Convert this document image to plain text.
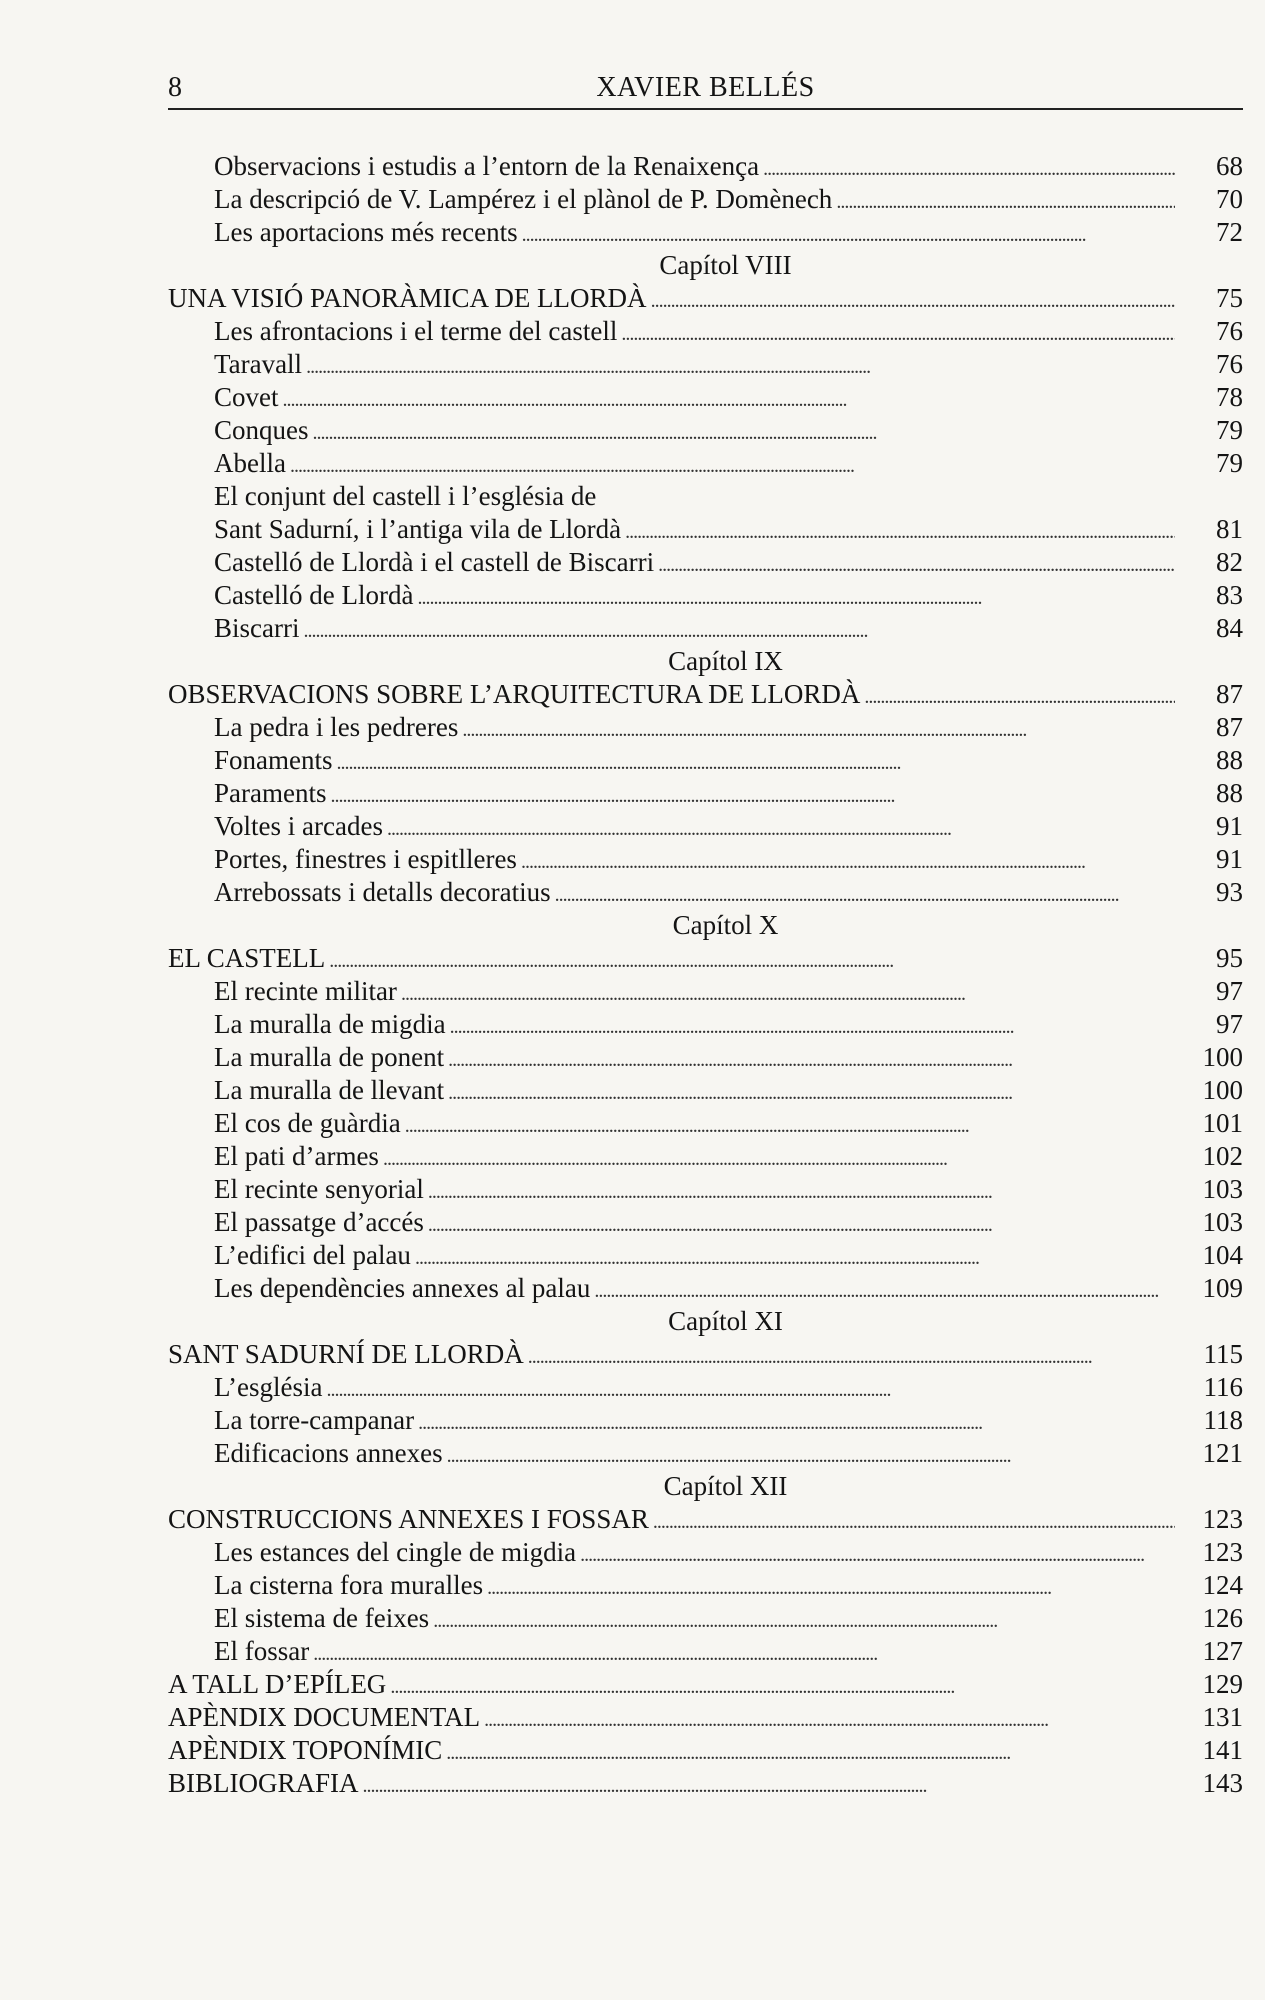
8	XAVIER BELLÉS
Observacions i estudis a l’entorn de la Renaixença . . .	68
La descripció de V. Lampérez i el plànol de P. Domènech . . .	70
Les aportacions més recents . . .	72
Capítol VIII
UNA VISIÓ PANORÀMICA DE LLORDÀ . . .	75
Les afrontacions i el terme del castell . . .	76
Taravall . . .	76
Covet . . .	78
Conques . . .	79
Abella . . .	79
El conjunt del castell i l’església de
Sant Sadurní, i l’antiga vila de Llordà . . .	81
Castelló de Llordà i el castell de Biscarri . . .	82
Castelló de Llordà . . .	83
Biscarri . . .	84
Capítol IX
OBSERVACIONS SOBRE L’ARQUITECTURA DE LLORDÀ . . .	87
La pedra i les pedreres . . .	87
Fonaments . . .	88
Paraments . . .	88
Voltes i arcades . . .	91
Portes, finestres i espitlleres . . .	91
Arrebossats i detalls decoratius . . .	93
Capítol X
EL CASTELL . . .	95
El recinte militar . . .	97
La muralla de migdia . . .	97
La muralla de ponent . . .	100
La muralla de llevant . . .	100
El cos de guàrdia . . .	101
El pati d’armes . . .	102
El recinte senyorial . . .	103
El passatge d’accés . . .	103
L’edifici del palau . . .	104
Les dependències annexes al palau . . .	109
Capítol XI
SANT SADURNÍ DE LLORDÀ . . .	115
L’església . . .	116
La torre-campanar . . .	118
Edificacions annexes . . .	121
Capítol XII
CONSTRUCCIONS ANNEXES I FOSSAR . . .	123
Les estances del cingle de migdia . . .	123
La cisterna fora muralles . . .	124
El sistema de feixes . . .	126
El fossar . . .	127
A TALL D’EPÍLEG . . .	129
APÈNDIX DOCUMENTAL . . .	131
APÈNDIX TOPONÍMIC . . .	141
BIBLIOGRAFIA . . .	143
